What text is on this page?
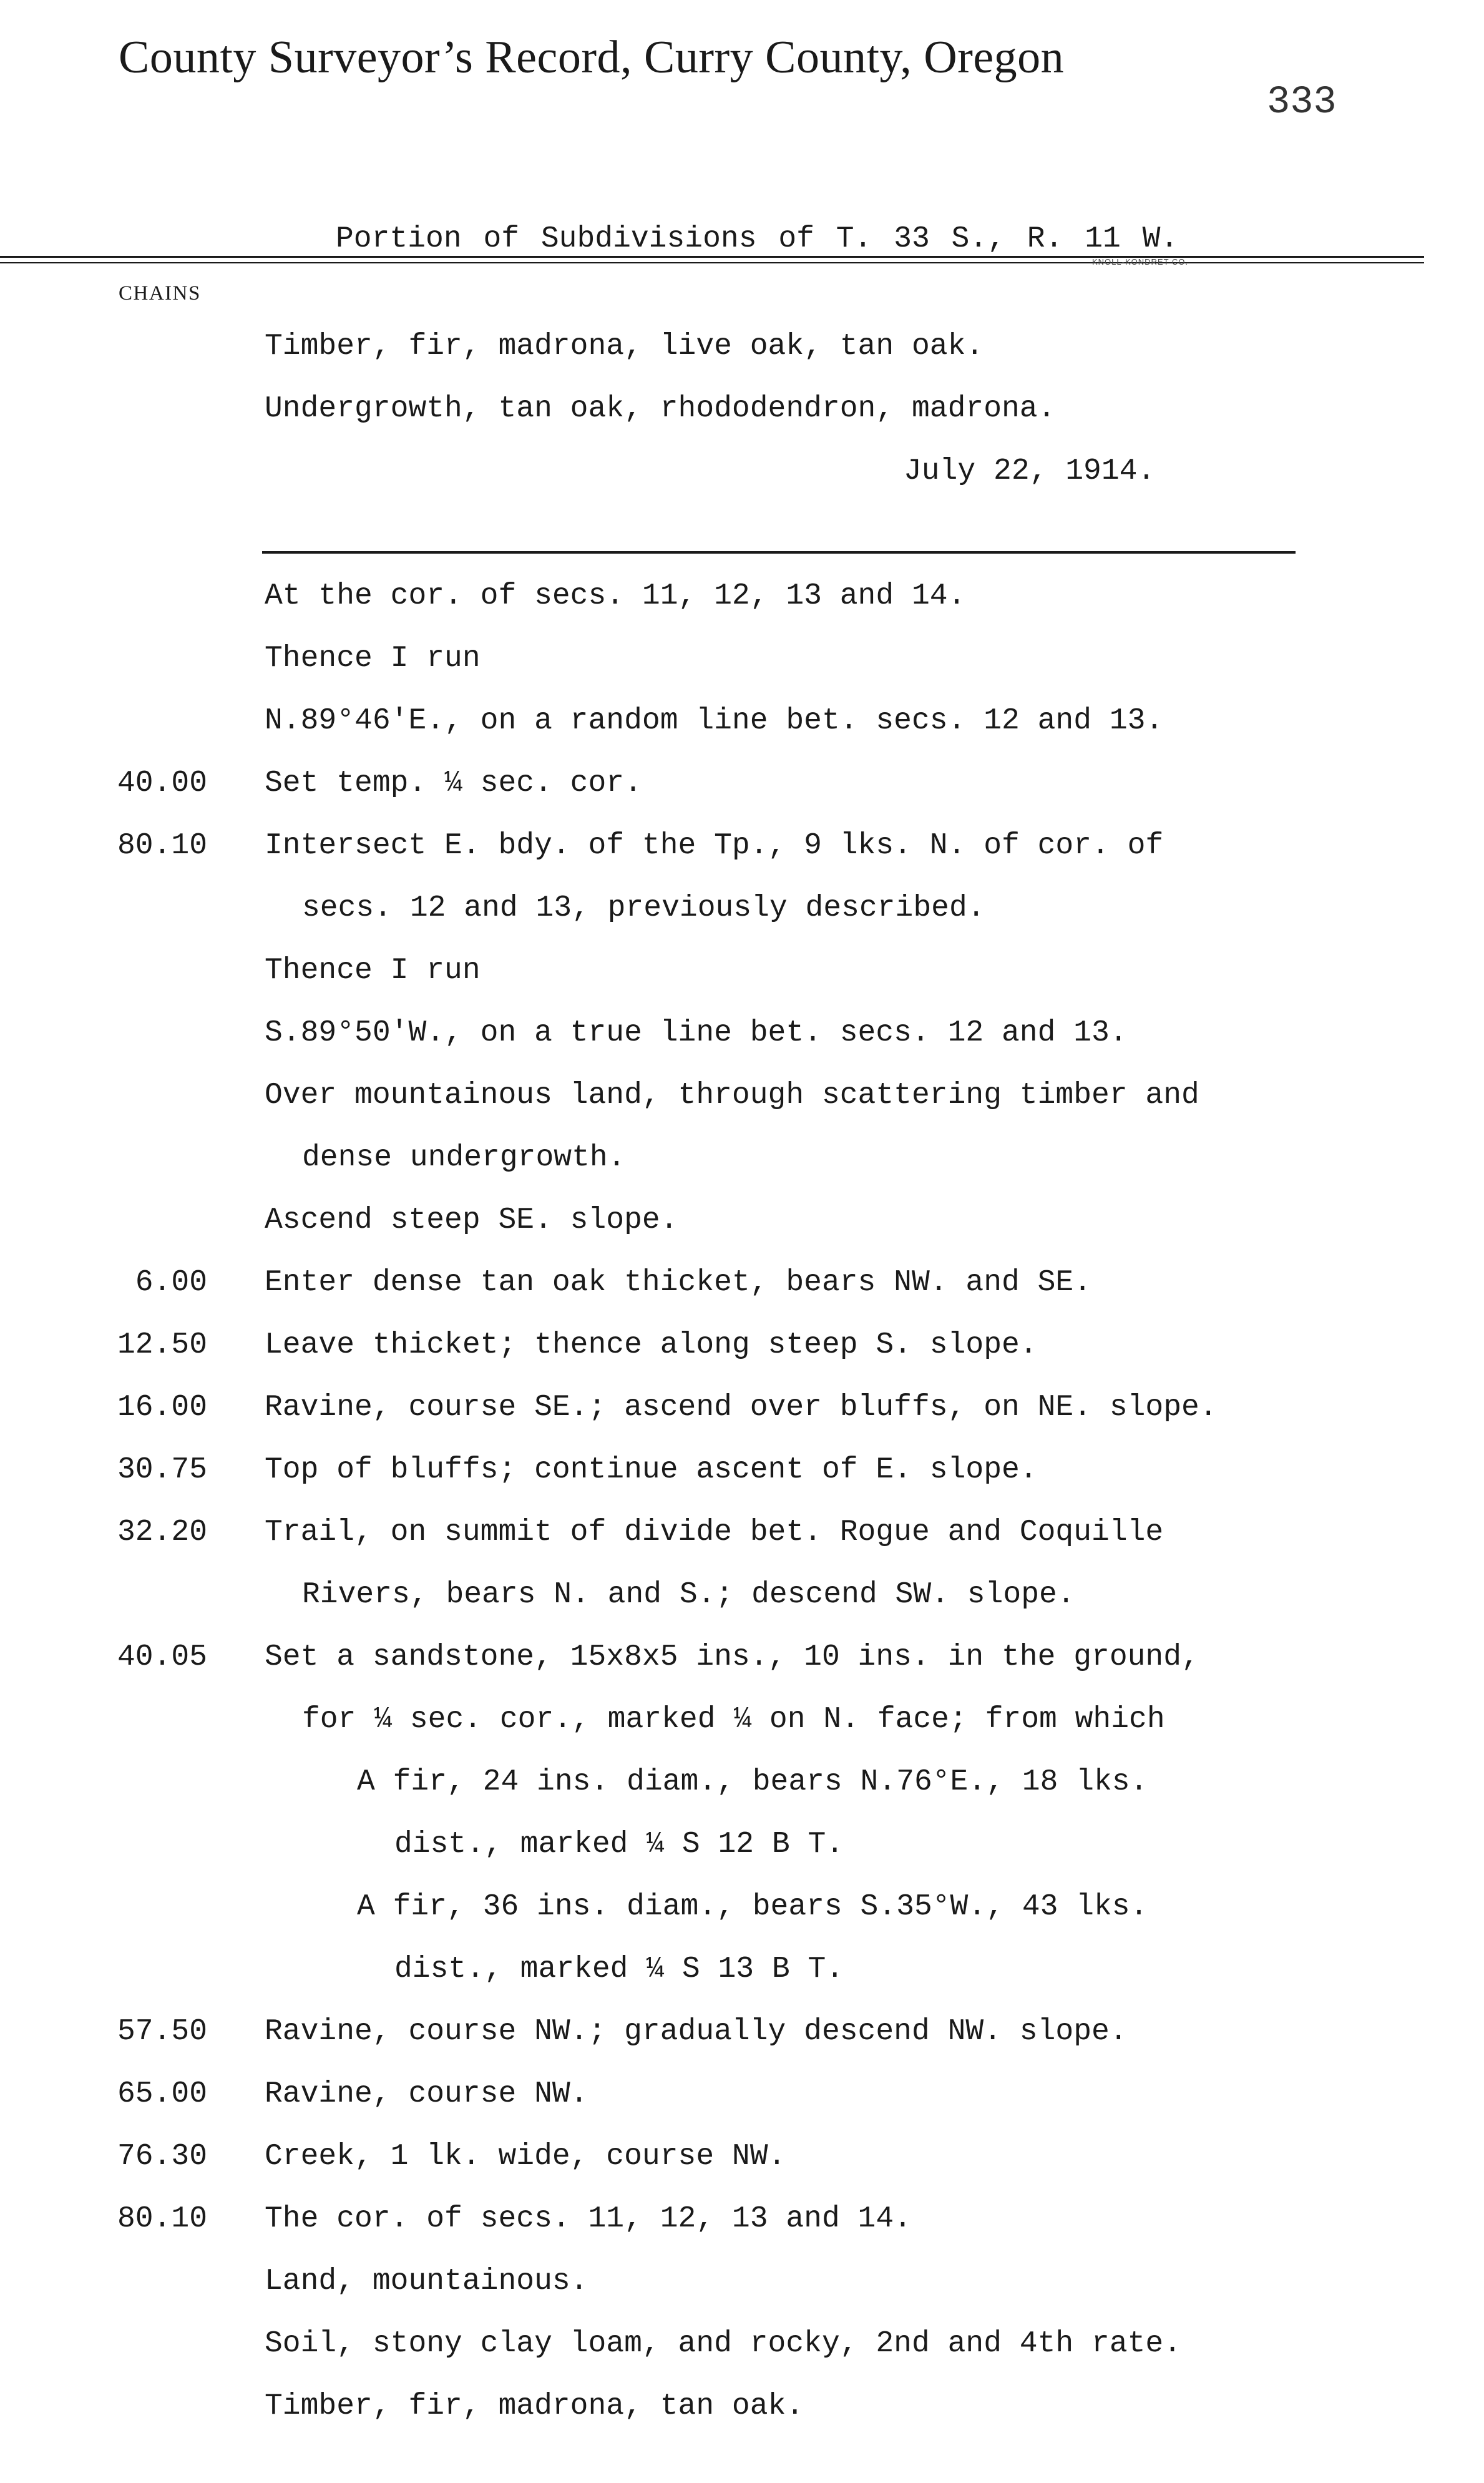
County Surveyor’s Record, Curry County, Oregon
333
Portion of Subdivisions of T. 33 S., R. 11 W.
KNOLL-KONDRET CO.
CHAINS
Timber, fir, madrona, live oak, tan oak.
Undergrowth, tan oak, rhododendron, madrona.
July 22, 1914.
At the cor. of secs. 11, 12, 13 and 14.
Thence I run
N.89°46'E., on a random line bet. secs. 12 and 13.
40.00 Set temp. ¼ sec. cor.
80.10 Intersect E. bdy. of the Tp., 9 lks. N. of cor. of
secs. 12 and 13, previously described.
Thence I run
S.89°50'W., on a true line bet. secs. 12 and 13.
Over mountainous land, through scattering timber and
dense undergrowth.
Ascend steep SE. slope.
6.00 Enter dense tan oak thicket, bears NW. and SE.
12.50 Leave thicket; thence along steep S. slope.
16.00 Ravine, course SE.; ascend over bluffs, on NE. slope.
30.75 Top of bluffs; continue ascent of E. slope.
32.20 Trail, on summit of divide bet. Rogue and Coquille
Rivers, bears N. and S.; descend SW. slope.
40.05 Set a sandstone, 15x8x5 ins., 10 ins. in the ground,
for ¼ sec. cor., marked ¼ on N. face; from which
A fir, 24 ins. diam., bears N.76°E., 18 lks.
dist., marked ¼ S 12 B T.
A fir, 36 ins. diam., bears S.35°W., 43 lks.
dist., marked ¼ S 13 B T.
57.50 Ravine, course NW.; gradually descend NW. slope.
65.00 Ravine, course NW.
76.30 Creek, 1 lk. wide, course NW.
80.10 The cor. of secs. 11, 12, 13 and 14.
Land, mountainous.
Soil, stony clay loam, and rocky, 2nd and 4th rate.
Timber, fir, madrona, tan oak.
